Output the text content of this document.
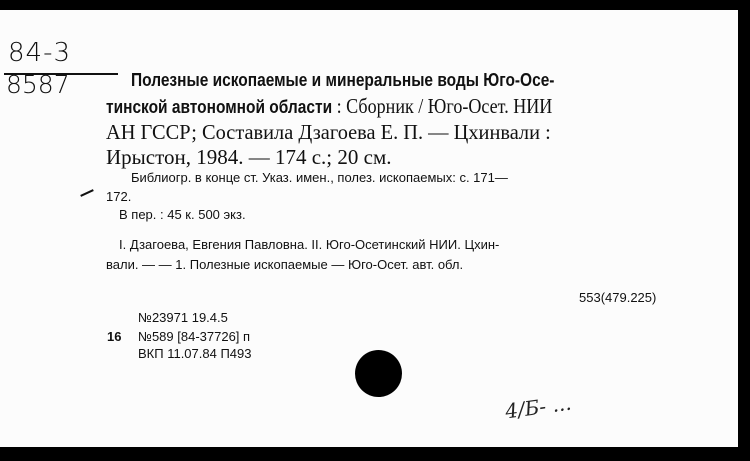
84-3
8587	Полезные ископаемые и минеральные воды Юго-Осе-
тинской автономной области : Сборник / Юго-Осет. НИИ
АН ГССР; Составила Дзагоева Е. П. — Цхинвали :
Ирыстон, 1984. — 174 с.; 20 см.
Библиогр. в конце ст. Указ. имен., полез. ископаемых: с. 171—
172.
В пер. : 45 к. 500 экз.
I. Дзагоева, Евгения Павловна. II. Юго-Осетинский НИИ. Цхин-
вали. — — 1. Полезные ископаемые — Юго-Осет. авт. обл.
553(479.225)
№23971 19.4.5
16 №589 [84-37726] п
ВКП 11.07.84 П493
4/Б- ...
